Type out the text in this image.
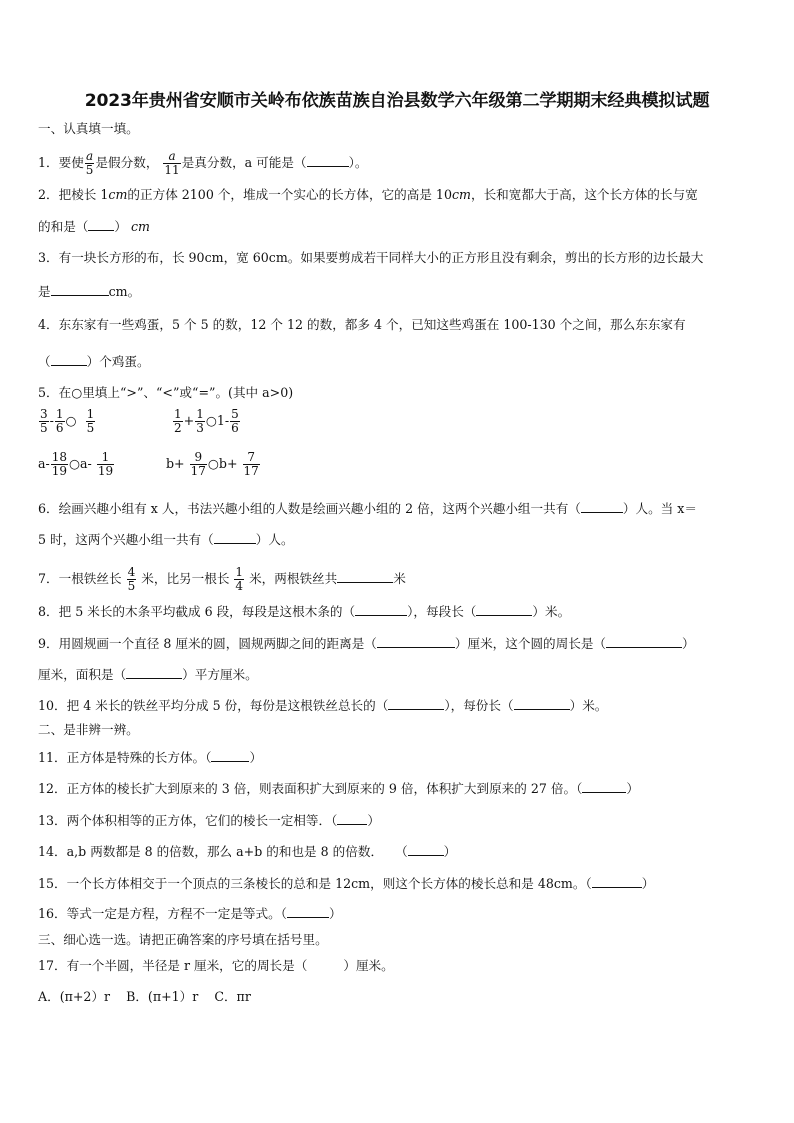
2023年贵州省安顺市关岭布依族苗族自治县数学六年级第二学期期末经典模拟试题
一、认真填一填。
1．要使 $\frac{a}{5}$ 是假分数， $\frac{a}{11}$ 是真分数，a 可能是（	）。
2．把棱长 1cm的正方体 2100 个，堆成一个实心的长方体，它的高是 10cm，长和宽都大于高，这个长方体的长与宽
的和是（ ） cm
3．有一块长方形的布，长 90cm，宽 60cm。如果要剪成若干同样大小的正方形且没有剩余，剪出的长方形的边长最大
是	cm。
4．东东家有一些鸡蛋，5 个 5 的数，12 个 12 的数，都多 4 个，已知这些鸡蛋在 100-130 个之间，那么东东家有
（	）个鸡蛋。
5．在○里填上“>”、“<”或“=”。(其中 a>0)
$\frac{3}{5} - \frac{1}{6}$ ○ $\frac{1}{5}$	$\frac{1}{2} + \frac{1}{3}$ ○1- $\frac{5}{6}$
$a- \frac{18}{19}$ ○a- $\frac{1}{19}$	$b+ \frac{9}{17}$ ○b+ $\frac{7}{17}$
6．绘画兴趣小组有 x 人，书法兴趣小组的人数是绘画兴趣小组的 2 倍，这两个兴趣小组一共有（	）人。当 x＝
5 时，这两个兴趣小组一共有（	）人。
7．一根铁丝长 $\frac{4}{5}$ 米，比另一根长 $\frac{1}{4}$ 米，两根铁丝共	米
8．把 5 米长的木条平均截成 6 段，每段是这根木条的（	），每段长（	）米。
9．用圆规画一个直径 8 厘米的圆，圆规两脚之间的距离是（	）厘米，这个圆的周长是（	）
厘米，面积是（	）平方厘米。
10．把 4 米长的铁丝平均分成 5 份，每份是这根铁丝总长的（	），每份长（	）米。
二、是非辨一辨。
11．正方体是特殊的长方体。（	）
12．正方体的棱长扩大到原来的 3 倍，则表面积扩大到原来的 9 倍，体积扩大到原来的 27 倍。（	）
13．两个体积相等的正方体，它们的棱长一定相等．（ ）
14．a,b 两数都是 8 的倍数，那么 a+b 的和也是 8 的倍数． （	）
15．一个长方体相交于一个顶点的三条棱长的总和是 12cm，则这个长方体的棱长总和是 48cm。（	）
16．等式一定是方程，方程不一定是等式。（	）
三、细心选一选。请把正确答案的序号填在括号里。
17．有一个半圆，半径是 r 厘米，它的周长是（	）厘米。
A．(π+2）r B．(π+1）r C．πr
